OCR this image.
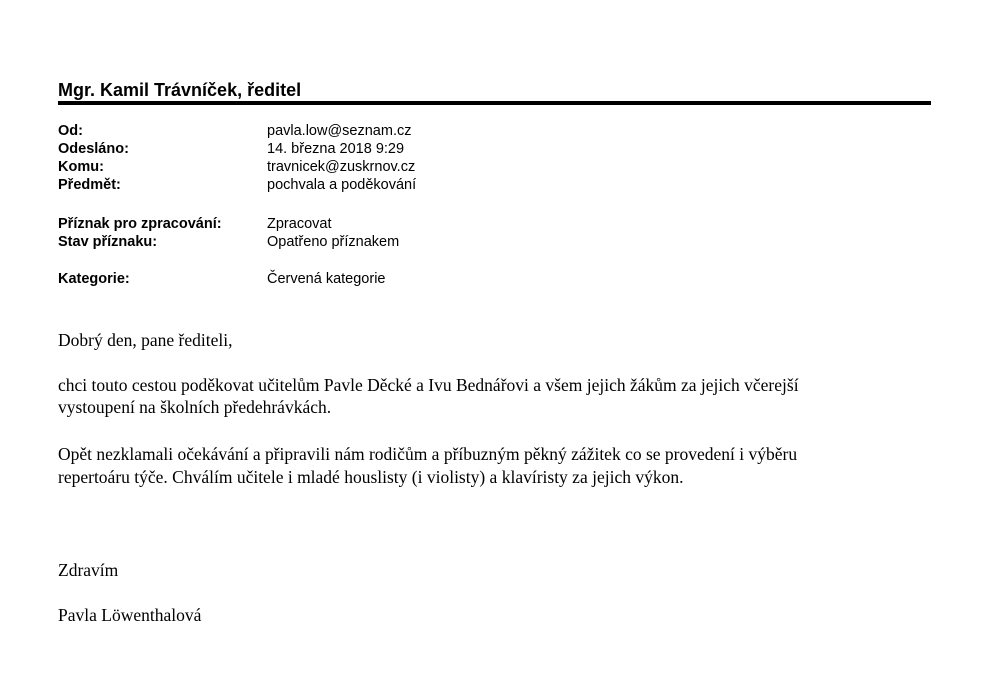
Mgr. Kamil Trávníček, ředitel
Od:	pavla.low@seznam.cz
Odesláno:	14. března 2018 9:29
Komu:	travnicek@zuskrnov.cz
Předmět:	pochvala a poděkování
Příznak pro zpracování:	Zpracovat
Stav příznaku:	Opatřeno příznakem
Kategorie:	Červená kategorie
Dobrý den, pane řediteli,
chci touto cestou poděkovat učitelům Pavle Děcké a Ivu Bednářovi a všem jejich žákům za jejich včerejší
vystoupení na školních předehrávkách.
Opět nezklamali očekávání a připravili nám rodičům a příbuzným pěkný zážitek co se provedení i výběru
repertoáru týče. Chválím učitele i mladé houslisty (i violisty) a klavíristy za jejich výkon.
Zdravím
Pavla Löwenthalová
